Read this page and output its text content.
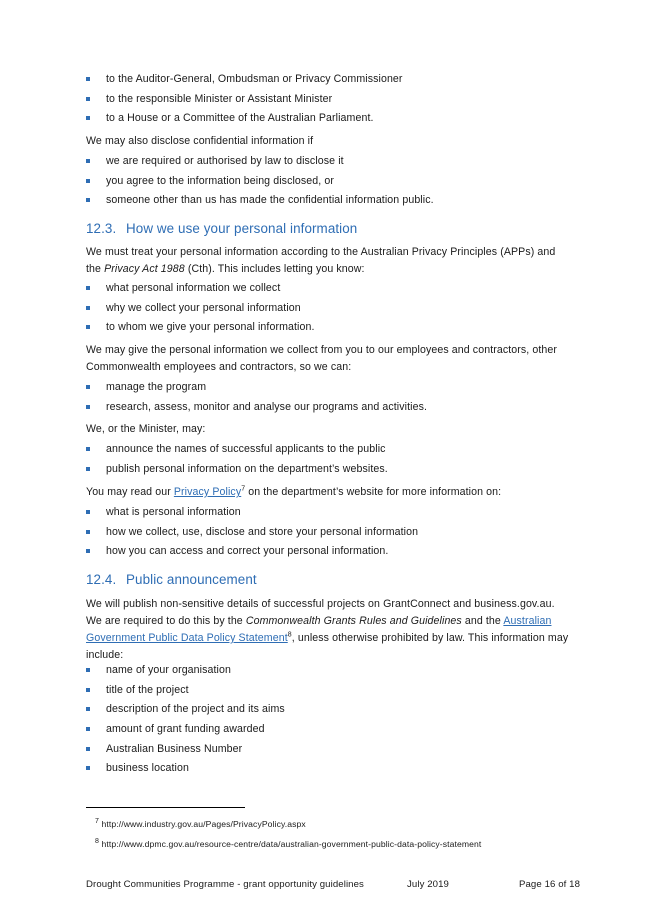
to the Auditor-General, Ombudsman or Privacy Commissioner
to the responsible Minister or Assistant Minister
to a House or a Committee of the Australian Parliament.
We may also disclose confidential information if
we are required or authorised by law to disclose it
you agree to the information being disclosed, or
someone other than us has made the confidential information public.
12.3. How we use your personal information
We must treat your personal information according to the Australian Privacy Principles (APPs) and the Privacy Act 1988 (Cth). This includes letting you know:
what personal information we collect
why we collect your personal information
to whom we give your personal information.
We may give the personal information we collect from you to our employees and contractors, other Commonwealth employees and contractors, so we can:
manage the program
research, assess, monitor and analyse our programs and activities.
We, or the Minister, may:
announce the names of successful applicants to the public
publish personal information on the department’s websites.
You may read our Privacy Policy$^7$ on the department’s website for more information on:
what is personal information
how we collect, use, disclose and store your personal information
how you can access and correct your personal information.
12.4. Public announcement
We will publish non-sensitive details of successful projects on GrantConnect and business.gov.au. We are required to do this by the Commonwealth Grants Rules and Guidelines and the Australian Government Public Data Policy Statement$^8$, unless otherwise prohibited by law. This information may include:
name of your organisation
title of the project
description of the project and its aims
amount of grant funding awarded
Australian Business Number
business location
$^7$ http://www.industry.gov.au/Pages/PrivacyPolicy.aspx
$^8$ http://www.dpmc.gov.au/resource-centre/data/australian-government-public-data-policy-statement
Drought Communities Programme - grant opportunity guidelines	July 2019	Page 16 of 18
